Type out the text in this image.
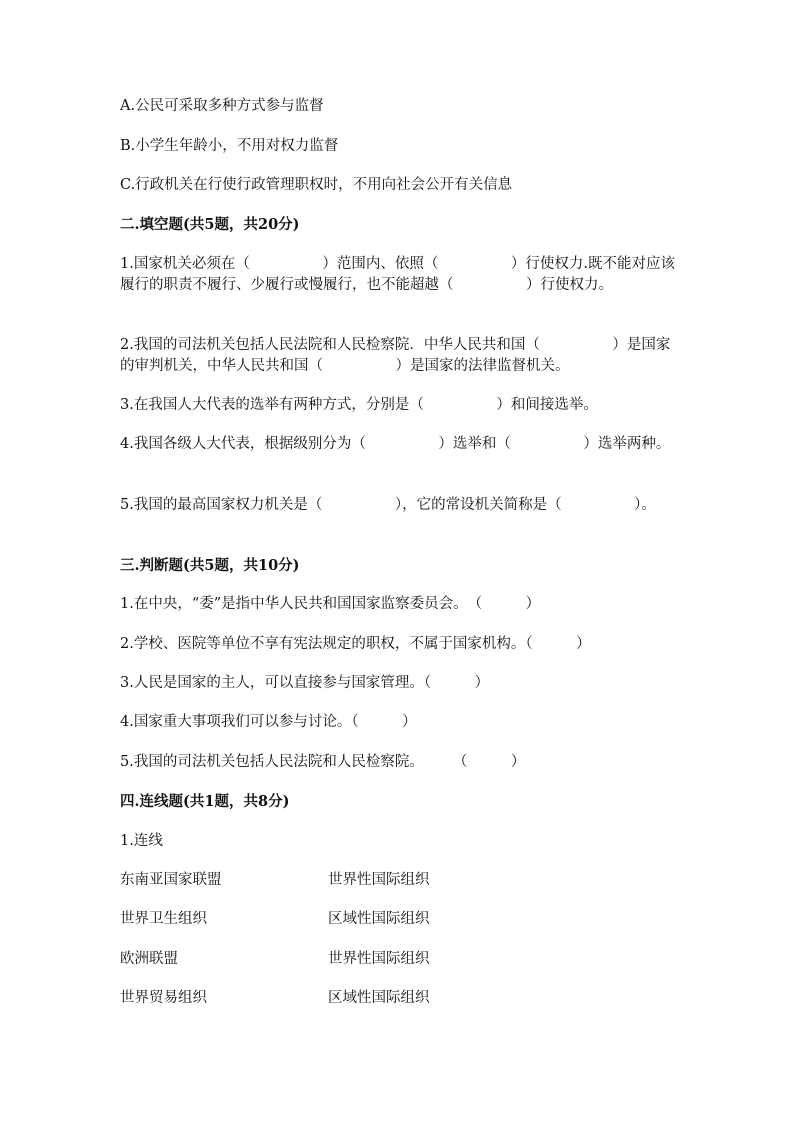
A.公民可采取多种方式参与监督
B.小学生年龄小，不用对权力监督
C.行政机关在行使行政管理职权时，不用向社会公开有关信息
二.填空题(共5题，共20分)
1.国家机关必须在（　　　　　）范围内、依照（　　　　　）行使权力.既不能对应该履行的职责不履行、少履行或慢履行，也不能超越（　　　　　）行使权力。
2.我国的司法机关包括人民法院和人民检察院．中华人民共和国（　　　　　）是国家的审判机关，中华人民共和国（　　　　　）是国家的法律监督机关。
3.在我国人大代表的选举有两种方式，分别是（　　　　　）和间接选举。
4.我国各级人大代表，根据级别分为（　　　　　）选举和（　　　　　）选举两种。
5.我国的最高国家权力机关是（　　　　　），它的常设机关简称是（　　　　　）。
三.判断题(共5题，共10分)
1.在中央，“委”是指中华人民共和国国家监察委员会。　（　　　）
2.学校、医院等单位不享有宪法规定的职权，不属于国家机构。（　　　）
3.人民是国家的主人，可以直接参与国家管理。（　　　）
4.国家重大事项我们可以参与讨论。（　　　）
5.我国的司法机关包括人民法院和人民检察院。　　　（　　　）
四.连线题(共1题，共8分)
1.连线
东南亚国家联盟	世界性国际组织
世界卫生组织	区域性国际组织
欧洲联盟	世界性国际组织
世界贸易组织	区域性国际组织
